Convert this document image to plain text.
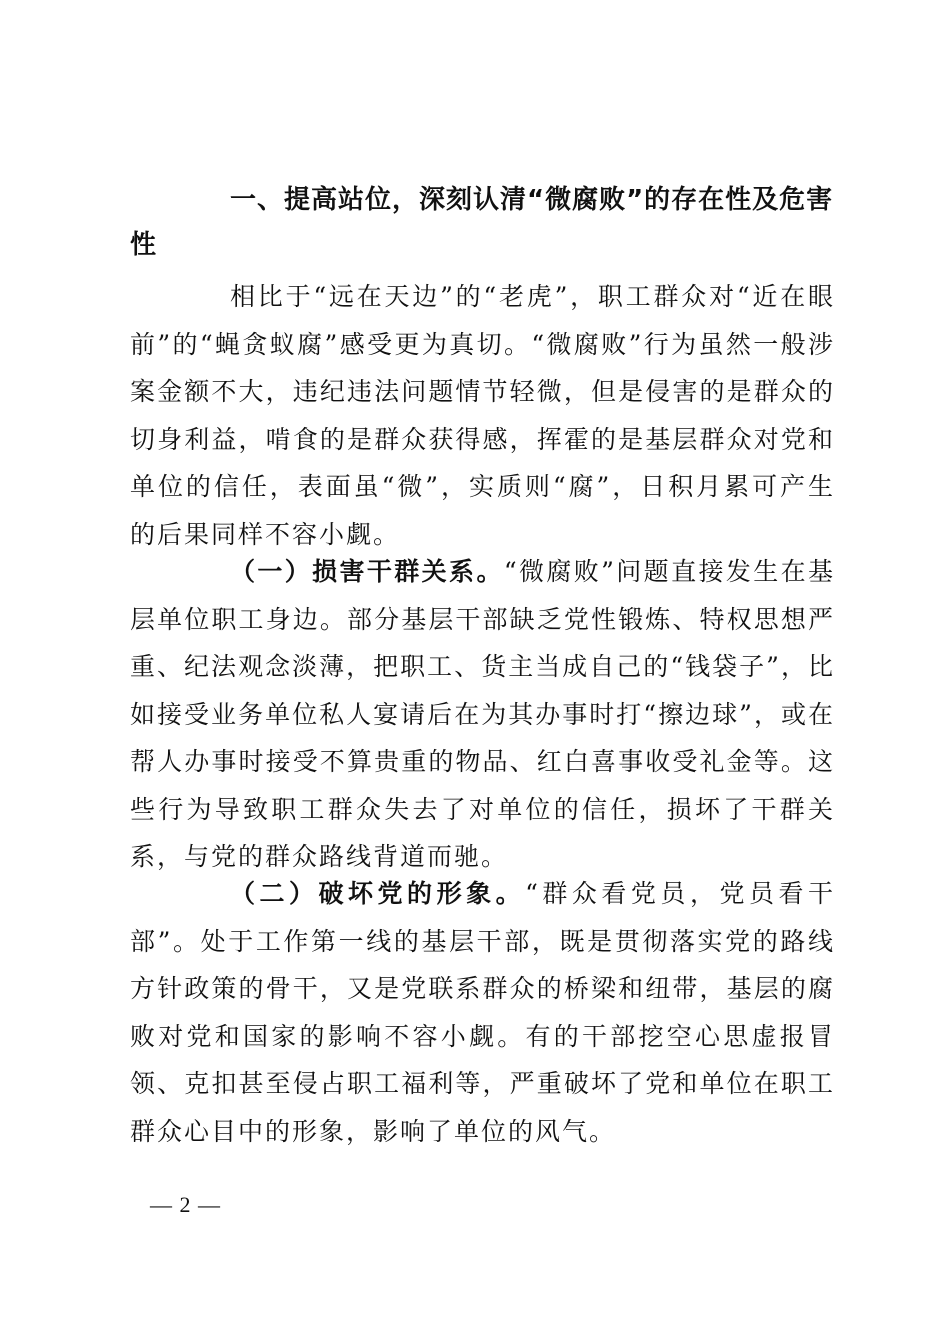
一、提高站位，深刻认清“微腐败”的存在性及危害性

相比于“远在天边”的“老虎”，职工群众对“近在眼前”的“蝇贪蚁腐”感受更为真切。“微腐败”行为虽然一般涉案金额不大，违纪违法问题情节轻微，但是侵害的是群众的切身利益，啃食的是群众获得感，挥霍的是基层群众对党和单位的信任，表面虽“微”，实质则“腐”，日积月累可产生的后果同样不容小觑。

（一）损害干群关系。“微腐败”问题直接发生在基层单位职工身边。部分基层干部缺乏党性锻炼、特权思想严重、纪法观念淡薄，把职工、货主当成自己的“钱袋子”，比如接受业务单位私人宴请后在为其办事时打“擦边球”，或在帮人办事时接受不算贵重的物品、红白喜事收受礼金等。这些行为导致职工群众失去了对单位的信任，损坏了干群关系，与党的群众路线背道而驰。

（二）破坏党的形象。“群众看党员，党员看干部”。处于工作第一线的基层干部，既是贯彻落实党的路线方针政策的骨干，又是党联系群众的桥梁和纽带，基层的腐败对党和国家的影响不容小觑。有的干部挖空心思虚报冒领、克扣甚至侵占职工福利等，严重破坏了党和单位在职工群众心目中的形象，影响了单位的风气。

— 2 —
